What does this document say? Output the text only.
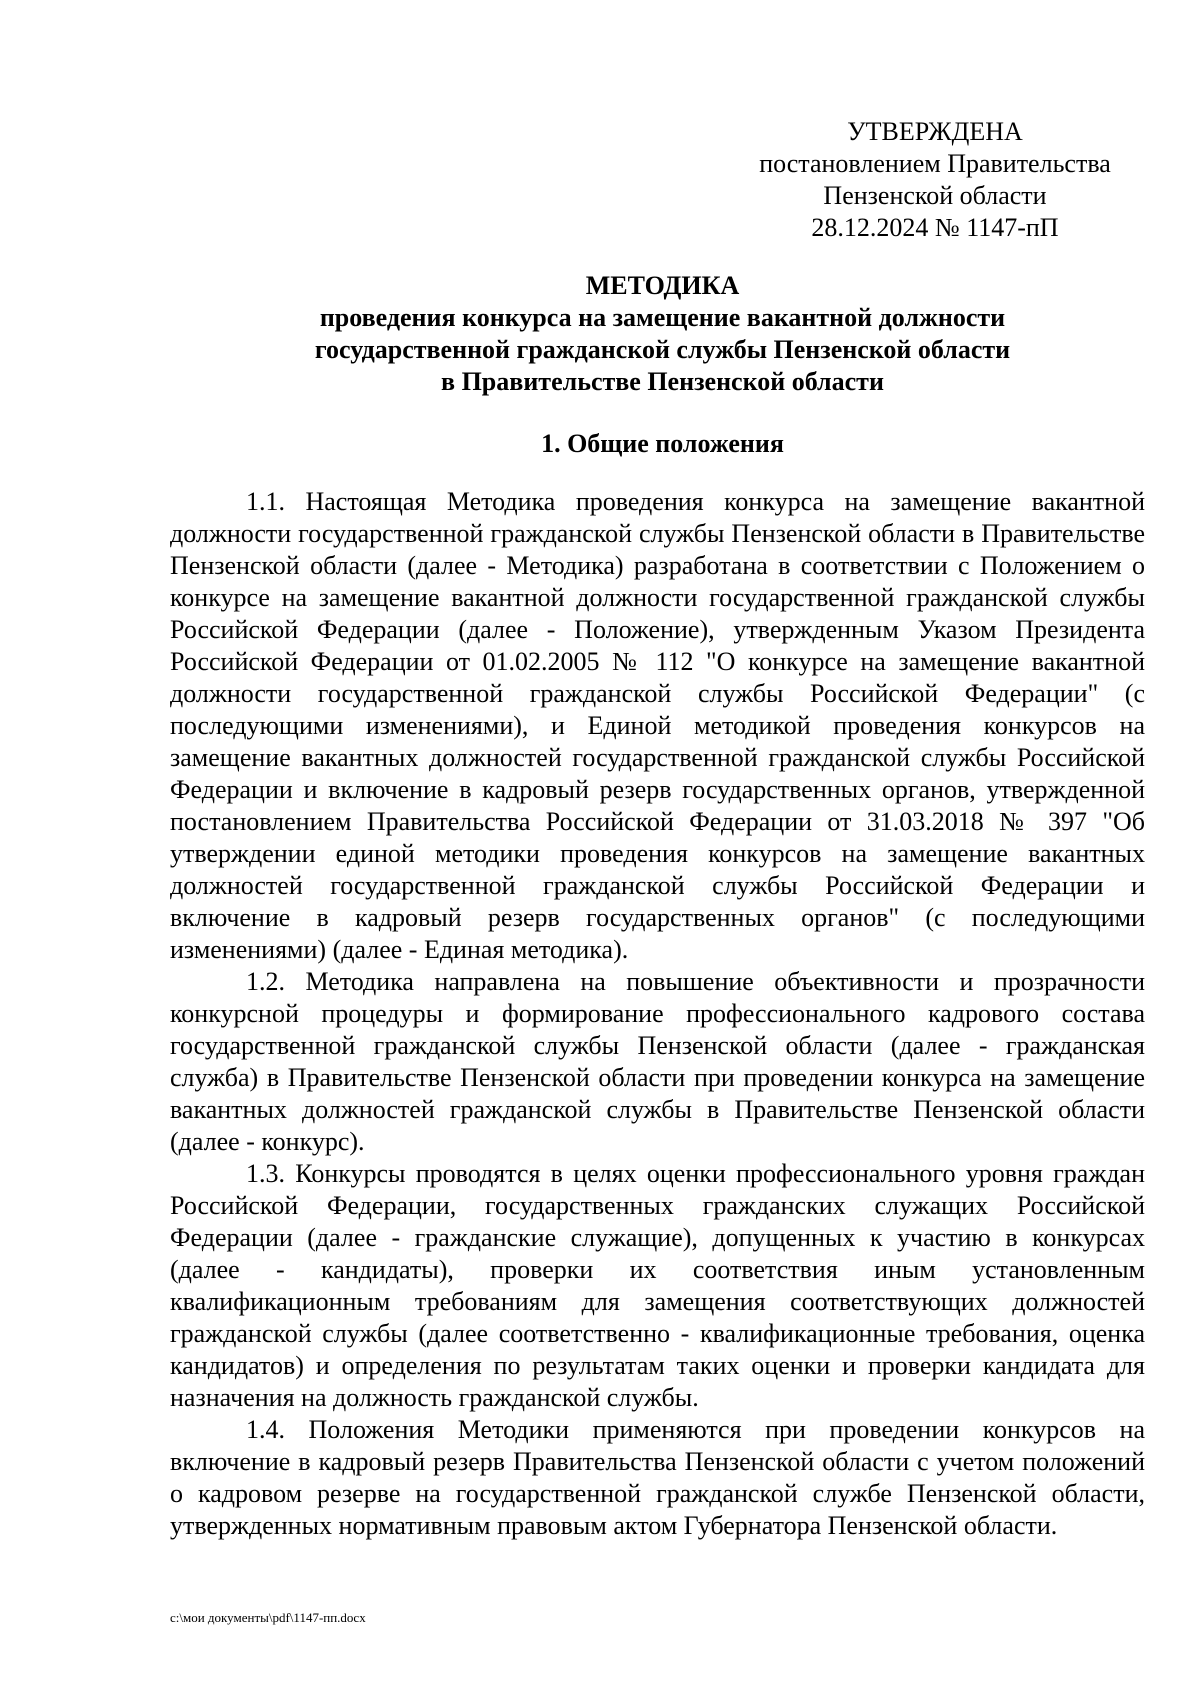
УТВЕРЖДЕНА
постановлением Правительства
Пензенской области
28.12.2024 № 1147-пП
МЕТОДИКА
проведения конкурса на замещение вакантной должности
государственной гражданской службы Пензенской области
в Правительстве Пензенской области
1. Общие положения

1.1. Настоящая Методика проведения конкурса на замещение вакантной должности государственной гражданской службы Пензенской области в Правительстве Пензенской области (далее - Методика) разработана в соответствии с Положением о конкурсе на замещение вакантной должности государственной гражданской службы Российской Федерации (далее - Положение), утвержденным Указом Президента Российской Федерации от 01.02.2005 № 112 "О конкурсе на замещение вакантной должности государственной гражданской службы Российской Федерации" (с последующими изменениями), и Единой методикой проведения конкурсов на замещение вакантных должностей государственной гражданской службы Российской Федерации и включение в кадровый резерв государственных органов, утвержденной постановлением Правительства Российской Федерации от 31.03.2018 № 397 "Об утверждении единой методики проведения конкурсов на замещение вакантных должностей государственной гражданской службы Российской Федерации и включение в кадровый резерв государственных органов" (с последующими изменениями) (далее - Единая методика).

1.2. Методика направлена на повышение объективности и прозрачности конкурсной процедуры и формирование профессионального кадрового состава государственной гражданской службы Пензенской области (далее - гражданская служба) в Правительстве Пензенской области при проведении конкурса на замещение вакантных должностей гражданской службы в Правительстве Пензенской области (далее - конкурс).

1.3. Конкурсы проводятся в целях оценки профессионального уровня граждан Российской Федерации, государственных гражданских служащих Российской Федерации (далее - гражданские служащие), допущенных к участию в конкурсах (далее - кандидаты), проверки их соответствия иным установленным квалификационным требованиям для замещения соответствующих должностей гражданской службы (далее соответственно - квалификационные требования, оценка кандидатов) и определения по результатам таких оценки и проверки кандидата для назначения на должность гражданской службы.

1.4. Положения Методики применяются при проведении конкурсов на включение в кадровый резерв Правительства Пензенской области с учетом положений о кадровом резерве на государственной гражданской службе Пензенской области, утвержденных нормативным правовым актом Губернатора Пензенской области.

c:\мои документы\pdf\1147-пп.docx
